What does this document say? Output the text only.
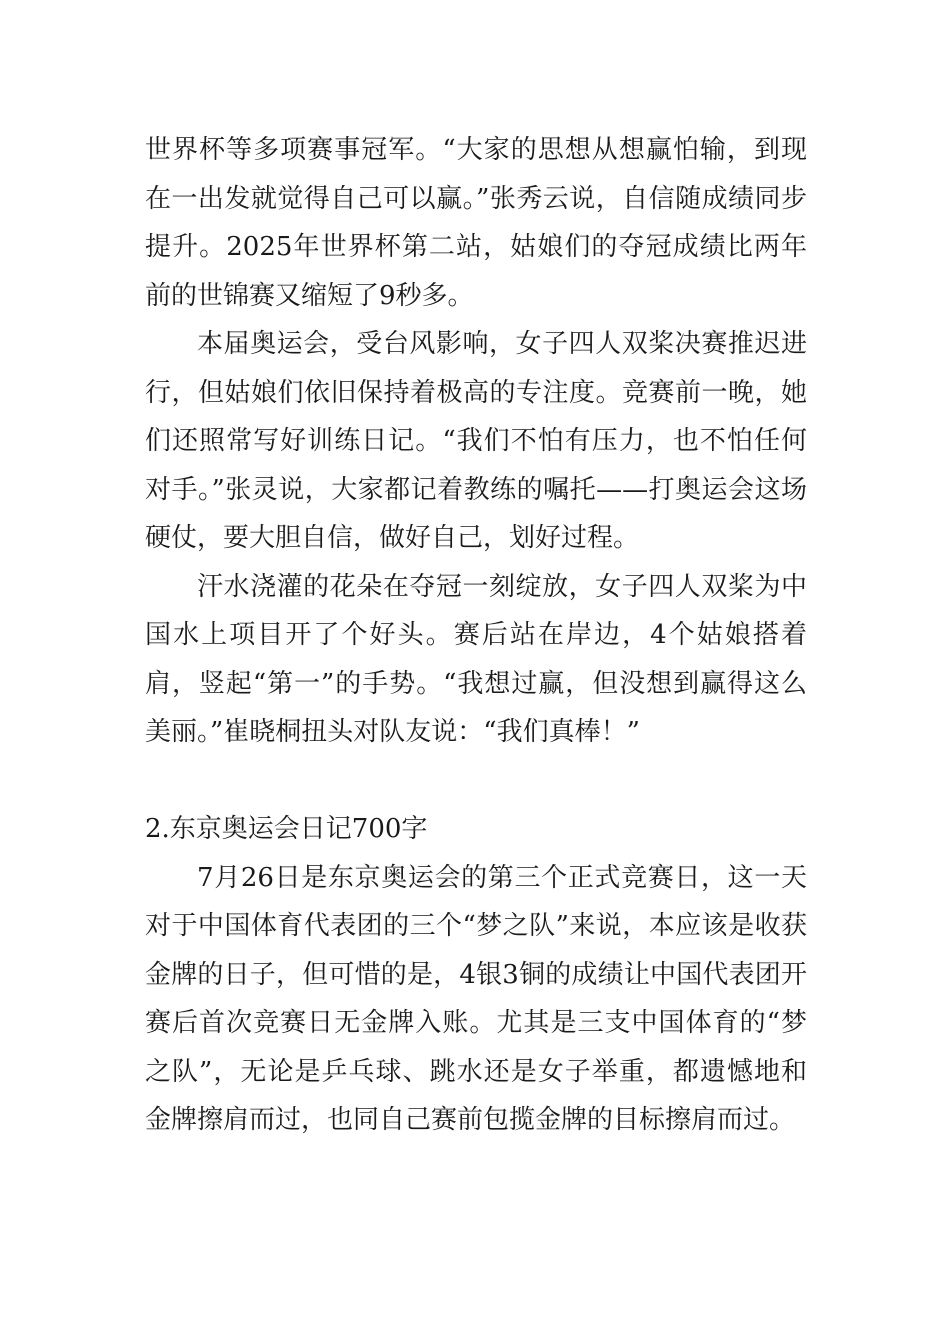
世界杯等多项赛事冠军。“大家的思想从想赢怕输，到现在一出发就觉得自己可以赢。”张秀云说，自信随成绩同步提升。2025年世界杯第二站，姑娘们的夺冠成绩比两年前的世锦赛又缩短了9秒多。

本届奥运会，受台风影响，女子四人双桨决赛推迟进行，但姑娘们依旧保持着极高的专注度。竞赛前一晚，她们还照常写好训练日记。“我们不怕有压力，也不怕任何对手。”张灵说，大家都记着教练的嘱托——打奥运会这场硬仗，要大胆自信，做好自己，划好过程。

汗水浇灌的花朵在夺冠一刻绽放，女子四人双桨为中国水上项目开了个好头。赛后站在岸边，4个姑娘搭着肩，竖起“第一”的手势。“我想过赢，但没想到赢得这么美丽。”崔晓桐扭头对队友说：“我们真棒！”

2.东京奥运会日记700字

7月26日是东京奥运会的第三个正式竞赛日，这一天对于中国体育代表团的三个“梦之队”来说，本应该是收获金牌的日子，但可惜的是，4银3铜的成绩让中国代表团开赛后首次竞赛日无金牌入账。尤其是三支中国体育的“梦之队”，无论是乒乓球、跳水还是女子举重，都遗憾地和金牌擦肩而过，也同自己赛前包揽金牌的目标擦肩而过。
